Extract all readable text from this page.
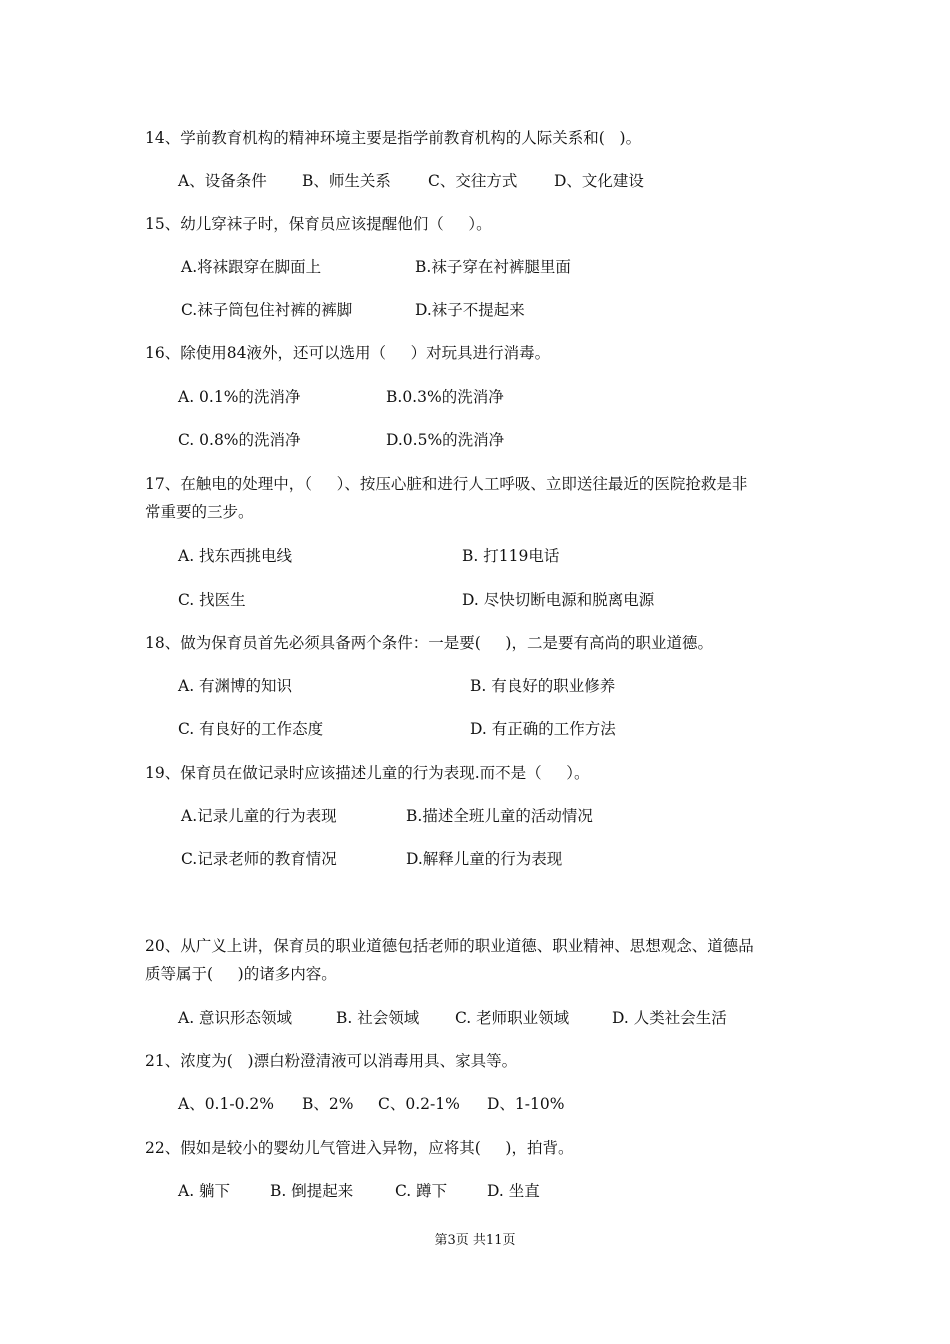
14、学前教育机构的精神环境主要是指学前教育机构的人际关系和(   )。
A、设备条件 B、师生关系 C、交往方式 D、文化建设
15、幼儿穿袜子时，保育员应该提醒他们（     ）。
A.将袜跟穿在脚面上	B.袜子穿在衬裤腿里面
C.袜子筒包住衬裤的裤脚	D.袜子不提起来
16、除使用84液外，还可以选用（     ）对玩具进行消毒。
A. 0.1%的洗消净	B.0.3%的洗消净
C. 0.8%的洗消净	D.0.5%的洗消净
17、在触电的处理中，（     ）、按压心脏和进行人工呼吸、立即送往最近的医院抢救是非
常重要的三步。
A. 找东西挑电线	B. 打119电话
C. 找医生	D. 尽快切断电源和脱离电源
18、做为保育员首先必须具备两个条件：一是要(     )，二是要有高尚的职业道德。
A. 有渊博的知识	B. 有良好的职业修养
C. 有良好的工作态度	D. 有正确的工作方法
19、保育员在做记录时应该描述儿童的行为表现.而不是（     ）。
A.记录儿童的行为表现	B.描述全班儿童的活动情况
C.记录老师的教育情况	D.解释儿童的行为表现
20、从广义上讲，保育员的职业道德包括老师的职业道德、职业精神、思想观念、道德品
质等属于(     )的诸多内容。
A. 意识形态领域	B. 社会领域 C. 老师职业领域	D. 人类社会生活
21、浓度为(   )漂白粉澄清液可以消毒用具、家具等。
A、0.1-0.2% B、2% C、0.2-1% D、1-10%
22、假如是较小的婴幼儿气管进入异物，应将其(     )，拍背。
A. 躺下	B. 倒提起来	C. 蹲下	D. 坐直
第3页 共11页
